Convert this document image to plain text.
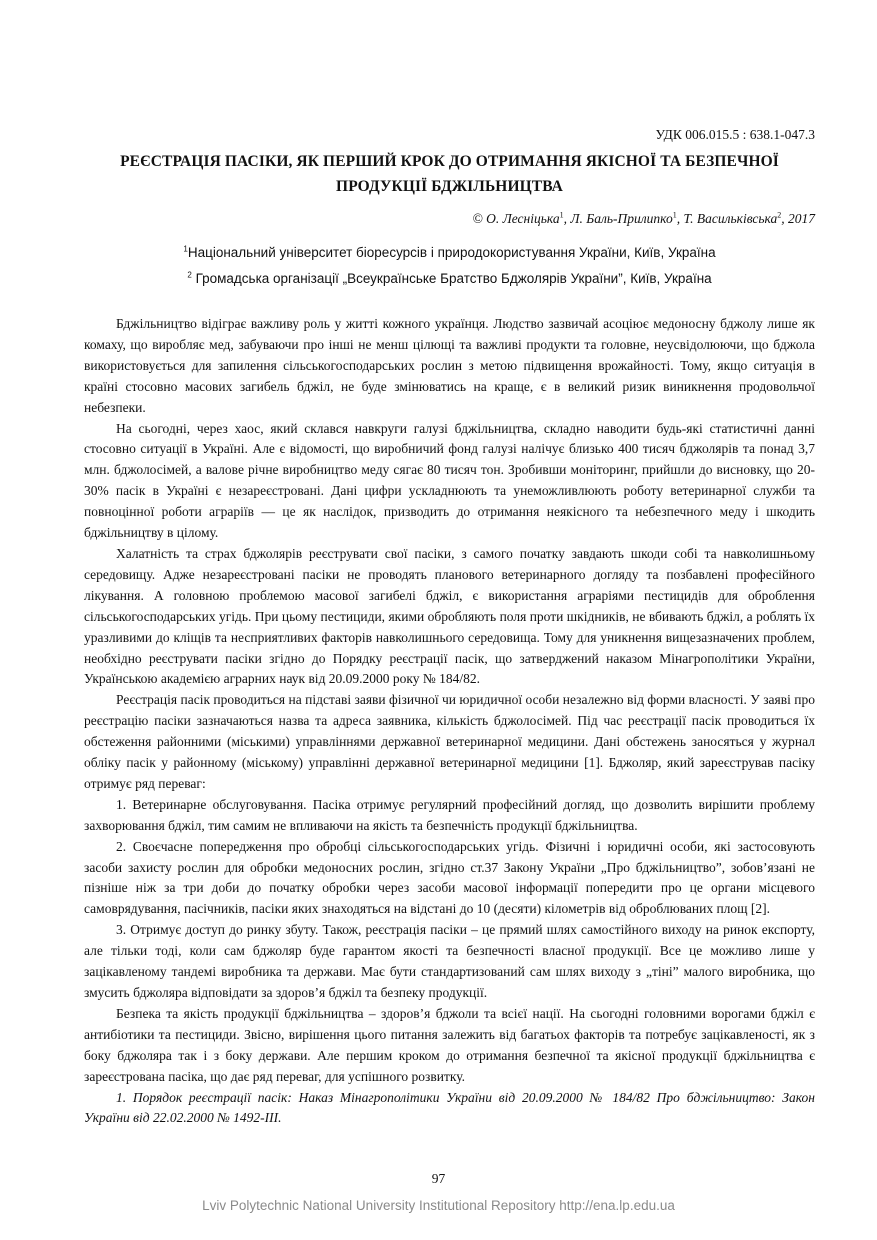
УДК 006.015.5 : 638.1-047.3
РЕЄСТРАЦІЯ ПАСІКИ, ЯК ПЕРШИЙ КРОК ДО ОТРИМАННЯ ЯКІСНОЇ ТА БЕЗПЕЧНОЇ ПРОДУКЦІЇ БДЖІЛЬНИЦТВА
© О. Лесніцька$^1$, Л. Баль-Прилипко$^1$, Т. Васильківська$^2$, 2017
$^1$Національний університет біоресурсів і природокористування України, Київ, Україна
$^2$ Громадська організації „Всеукраїнське Братство Бджолярів України”, Київ, Україна

Бджільництво відіграє важливу роль у житті кожного українця. Людство зазвичай асоціює медоносну бджолу лише як комаху, що виробляє мед, забуваючи про інші не менш цілющі та важливі продукти та головне, неусвідолюючи, що бджола використовується для запилення сільськогосподарських рослин з метою підвищення врожайності. Тому, якщо ситуація в країні стосовно масових загибель бджіл, не буде змінюватись на краще, є в великий ризик виникнення продовольчої небезпеки.

На сьогодні, через хаос, який склався навкруги галузі бджільництва, складно наводити будь-які статистичні данні стосовно ситуації в Україні. Але є відомості, що виробничий фонд галузі налічує близько 400 тисяч бджолярів та понад 3,7 млн. бджолосімей, а валове річне виробництво меду сягає 80 тисяч тон. Зробивши моніторинг, прийшли до висновку, що 20-30% пасік в Україні є незареєстровані. Дані цифри ускладнюють та унеможливлюють роботу ветеринарної служби та повноцінної роботи аграріїв — це як наслідок, призводить до отримання неякісного та небезпечного меду і шкодить бджільництву в цілому.

Халатність та страх бджолярів реєструвати свої пасіки, з самого початку завдають шкоди собі та навколишньому середовищу. Адже незареєстровані пасіки не проводять планового ветеринарного догляду та позбавлені професійного лікування. А головною проблемою масової загибелі бджіл, є використання аграріями пестицидів для оброблення сільськогосподарських угідь. При цьому пестициди, якими обробляють поля проти шкідників, не вбивають бджіл, а роблять їх уразливими до кліщів та несприятливих факторів навколишнього середовища. Тому для уникнення вищезазначених проблем, необхідно реєструвати пасіки згідно до Порядку реєстрації пасік, що затверджений наказом Мінагрополітики України, Українською академією аграрних наук від 20.09.2000 року № 184/82.

Реєстрація пасік проводиться на підставі заяви фізичної чи юридичної особи незалежно від форми власності. У заяві про реєстрацію пасіки зазначаються назва та адреса заявника, кількість бджолосімей. Під час реєстрації пасік проводиться їх обстеження районними (міськими) управліннями державної ветеринарної медицини. Дані обстежень заносяться у журнал обліку пасік у районному (міському) управлінні державної ветеринарної медицини [1]. Бджоляр, який зареєстрував пасіку отримує ряд переваг:

1. Ветеринарне обслуговування. Пасіка отримує регулярний професійний догляд, що дозволить вирішити проблему захворювання бджіл, тим самим не впливаючи на якість та безпечність продукції бджільництва.

2. Своєчасне попередження про обробці сільськогосподарських угідь. Фізичні і юридичні особи, які застосовують засоби захисту рослин для обробки медоносних рослин, згідно ст.37 Закону України „Про бджільництво”, зобов’язані не пізніше ніж за три доби до початку обробки через засоби масової інформації попередити про це органи місцевого самоврядування, пасічників, пасіки яких знаходяться на відстані до 10 (десяти) кілометрів від оброблюваних площ [2].

3. Отримує доступ до ринку збуту. Також, реєстрація пасіки – це прямий шлях самостійного виходу на ринок експорту, але тільки тоді, коли сам бджоляр буде гарантом якості та безпечності власної продукції. Все це можливо лише у зацікавленому тандемі виробника та держави. Має бути стандартизований сам шлях виходу з „тіні” малого виробника, що змусить бджоляра відповідати за здоров’я бджіл та безпеку продукції.

Безпека та якість продукції бджільництва – здоров’я бджоли та всієї нації. На сьогодні головними ворогами бджіл є антибіотики та пестициди. Звісно, вирішення цього питання залежить від багатьох факторів та потребує зацікавленості, як з боку бджоляра так і з боку держави. Але першим кроком до отримання безпечної та якісної продукції бджільництва є зареєстрована пасіка, що дає ряд переваг, для успішного розвитку.

1. Порядок реєстрації пасік: Наказ Мінагрополітики України від 20.09.2000 № 184/82 Про бджільництво: Закон України від 22.02.2000 № 1492-ІІІ.

97
Lviv Polytechnic National University Institutional Repository http://ena.lp.edu.ua
